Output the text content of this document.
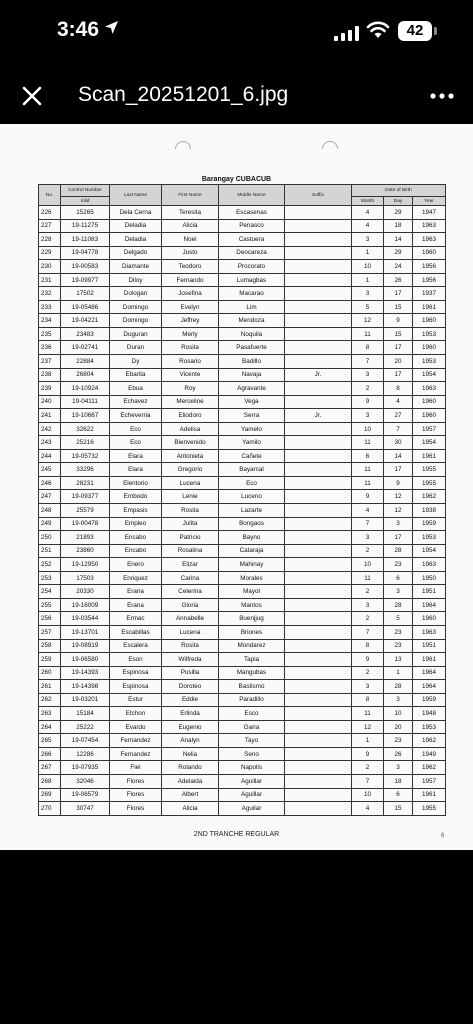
3:46	42
Scan_20251201_6.jpg
Barangay CUBACUB
No.	Control Number	Last Name	First Name	Middle Name	Suffix	Date of Birth		
	mlid					Month	Day	Year
226	15265	Dela Cerna	Teresita	Escasenas		4	29	1947
227	19-11275	Deladia	Alicia	Penasco		4	18	1963
228	19-11083	Deladia	Noel	Castuera		3	14	1963
229	19-04778	Delgado	Justo	Deocareza		1	29	1960
230	19-00583	Diamante	Teodoro	Procorato		10	24	1956
231	19-09977	Diloy	Fernando	Lumagbas		1	26	1956
232	17502	Dologan	Josefina	Macarao		3	17	1937
233	19-05486	Domingo	Evelyn	Lim		5	15	1961
234	19-04221	Domingo	Jeffrey	Mendoza		12	9	1960
235	23483	Duguran	Merly	Noquila		11	15	1953
236	19-02741	Duran	Rosita	Pasafuerte		8	17	1960
237	22884	Dy	Rosario	Badillo		7	20	1953
238	26804	Ebarita	Vicente	Navaja	Jr.	3	17	1954
239	19-10924	Ebua	Roy	Agravante		2	8	1963
240	19-04111	Echavez	Merceline	Vega		9	4	1960
241	19-10667	Echeverria	Eliodoro	Serra	Jr.	3	27	1960
242	32622	Eco	Adelisa	Yamelo		10	7	1957
243	25216	Eco	Bienvenido	Yamilo		11	30	1954
244	19-05732	Elara	Antonieta	Cañete		6	14	1961
245	33296	Elara	Gregorio	Bayarcal		11	17	1955
246	28231	Elentorio	Lucena	Eco		11	9	1955
247	19-09377	Embodo	Lenie	Luceno		9	12	1962
248	25579	Empasis	Rosita	Lazarte		4	12	1938
249	19-00478	Empleo	Julita	Bongaos		7	3	1959
250	21893	Encabo	Patricio	Bayno		3	17	1953
251	23860	Encabo	Rosalina	Cataraja		2	28	1954
252	19-12950	Enero	Elizar	Mahinay		10	23	1963
253	17503	Enriquez	Carina	Morales		11	6	1950
254	20330	Erana	Celerina	Mayol		2	3	1951
255	19-16009	Erana	Gloria	Mantos		3	28	1964
256	19-03544	Ermac	Annabelle	Buenjjug		2	5	1960
257	19-13701	Escabillas	Lucena	Briones		7	23	1963
258	19-08919	Escalera	Rosita	Mondarez		8	23	1951
259	19-06580	Eson	Wilfreda	Tapia		9	13	1961
260	19-14393	Espinosa	Pusilla	Mangubas		2	1	1964
261	19-14398	Espinosa	Doroteo	Bastismo		3	28	1964
262	19-03201	Estur	Eddie	Paradillo		8	3	1959
263	15184	Etchon	Erlinda	Esco		11	10	1948
264	25222	Evardo	Eugenio	Garia		12	20	1953
265	19-07454	Fernandez	Analyn	Tayo		1	23	1962
266	12286	Fernandez	Nelia	Seno		9	26	1949
267	19-07935	Fiel	Rolando	Napolis		2	3	1962
268	32046	Flores	Adelaida	Aguillar		7	18	1957
269	19-06579	Flores	Albert	Aguillar		10	6	1961
270	30747	Flores	Alicia	Aguilar		4	15	1955
2ND TRANCHE REGULAR	6
